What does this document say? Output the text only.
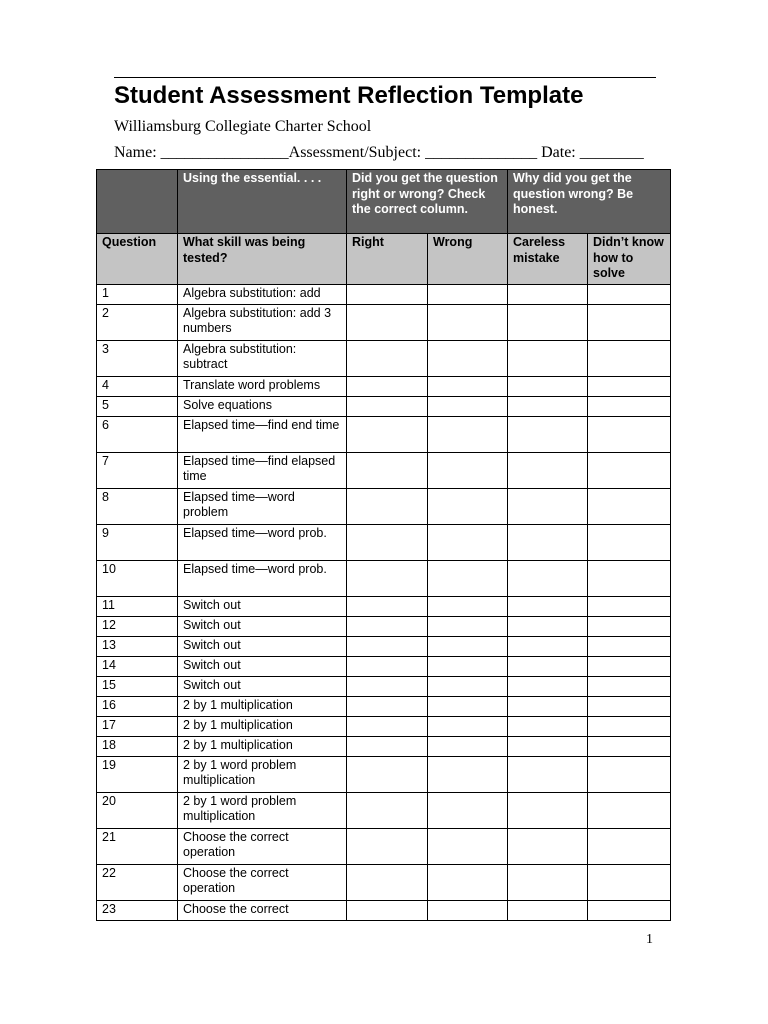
Student Assessment Reflection Template
Williamsburg Collegiate Charter School
Name: ________________Assessment/Subject: ______________ Date: ________
	Using the essential. . . .	Did you get the question right or wrong? Check the correct column.		Why did you get the question wrong? Be honest.	
Question	What skill was being tested?	Right	Wrong	Careless mistake	Didn’t know how to solve
1	Algebra substitution: add				
2	Algebra substitution: add 3 numbers				
3	Algebra substitution: subtract				
4	Translate word problems				
5	Solve equations				
6	Elapsed time—find end time				
7	Elapsed time—find elapsed time				
8	Elapsed time—word problem				
9	Elapsed time—word prob.				
10	Elapsed time—word prob.				
11	Switch out				
12	Switch out				
13	Switch out				
14	Switch out				
15	Switch out				
16	2 by 1 multiplication				
17	2 by 1 multiplication				
18	2 by 1 multiplication				
19	2 by 1 word problem multiplication				
20	2 by 1 word problem multiplication				
21	Choose the correct operation				
22	Choose the correct operation				
23	Choose the correct				
1
